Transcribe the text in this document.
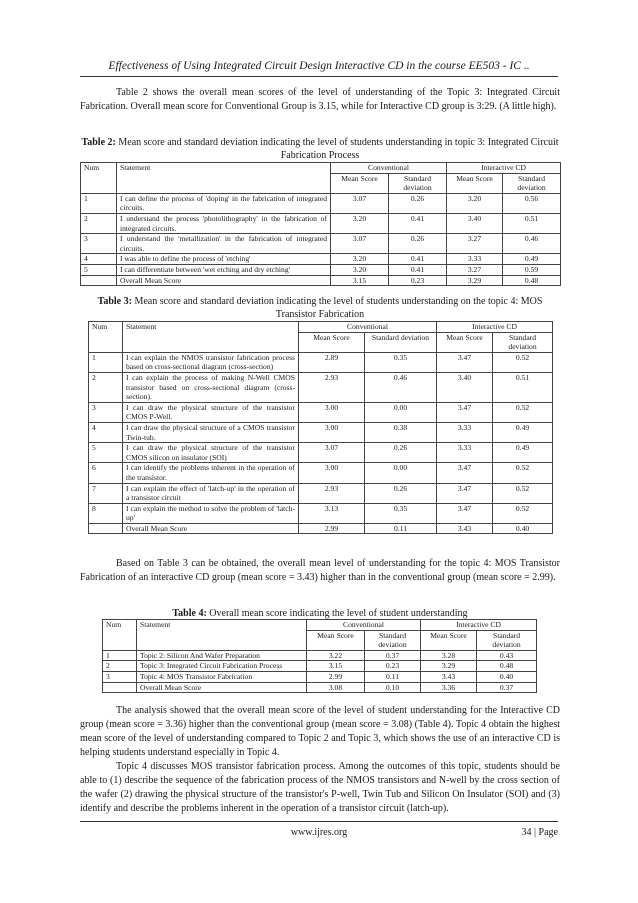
Effectiveness of Using Integrated Circuit Design Interactive CD in the course EE503 - IC ..

Table 2 shows the overall mean scores of the level of understanding of the Topic 3: Integrated Circuit Fabrication. Overall mean score for Conventional Group is 3.15, while for Interactive CD group is 3:29. (A little high).

Table 2: Mean score and standard deviation indicating the level of students understanding in topic 3: Integrated Circuit Fabrication Process

Num	Statement	Conventional		Interactive CD	
		Mean Score	Standard deviation	Mean Score	Standard deviation
1	I can define the process of 'doping' in the fabrication of integrated circuits.	3.07	0.26	3.20	0.56
2	I understand the process 'photolithography' in the fabrication of integrated circuits.	3.20	0.41	3.40	0.51
3	I understand the 'metallization' in the fabrication of integrated circuits.	3.07	0.26	3.27	0.46
4	I was able to define the process of 'etching'	3.20	0.41	3.33	0.49
5	I can differentiate between 'wet etching and dry etching'	3.20	0.41	3.27	0.59
	Overall Mean Score	3.15	0.23	3.29	0.48

Table 3: Mean score and standard deviation indicating the level of students understanding on the topic 4: MOS Transistor Fabrication

Num	Statement	Conventional		Interactive CD	
		Mean Score	Standard deviation	Mean Score	Standard deviation
1	I can explain the NMOS transistor fabrication process based on cross-sectional diagram (cross-section)	2.89	0.35	3.47	0.52
2	I can explain the process of making N-Well CMOS transistor based on cross-sectional diagram (cross-section).	2.93	0.46	3.40	0.51
3	I can draw the physical structure of the transistor CMOS P-Well.	3.00	0.00	3.47	0.52
4	I can draw the physical structure of a CMOS transistor Twin-tub.	3.00	0.38	3.33	0.49
5	I can draw the physical structure of the transistor CMOS silicon on insulator (SOI)	3.07	0.26	3.33	0.49
6	I can identify the problems inherent in the operation of the transistor.	3.00	0.00	3.47	0.52
7	I can explain the effect of 'latch-up' in the operation of a transistor circuit	2.93	0.26	3.47	0.52
8	I can explain the method to solve the problem of 'latch-up'	3.13	0.35	3.47	0.52
	Overall Mean Score	2.99	0.11	3.43	0.40

Based on Table 3 can be obtained, the overall mean level of understanding for the topic 4: MOS Transistor Fabrication of an interactive CD group (mean score = 3.43) higher than in the conventional group (mean score = 2.99).

Table 4: Overall mean score indicating the level of student understanding

Num	Statement	Conventional		Interactive CD	
		Mean Score	Standard deviation	Mean Score	Standard deviation
1	Topic 2: Silicon And Wafer Preparation	3.22	0.37	3.28	0.43
2	Topic 3: Integrated Circuit Fabrication Process	3.15	0.23	3.29	0.48
3	Topic 4: MOS Transistor Fabrication	2.99	0.11	3.43	0.40
	Overall Mean Score	3.08	0.10	3.36	0.37

The analysis showed that the overall mean score of the level of student understanding for the Interactive CD group (mean score = 3.36) higher than the conventional group (mean score = 3.08) (Table 4). Topic 4 obtain the highest mean score of the level of understanding compared to Topic 2 and Topic 3, which shows the use of an interactive CD is helping students understand especially in Topic 4.

Topic 4 discusses MOS transistor fabrication process. Among the outcomes of this topic, students should be able to (1) describe the sequence of the fabrication process of the NMOS transistors and N-well by the cross section of the wafer (2) drawing the physical structure of the transistor's P-well, Twin Tub and Silicon On Insulator (SOI) and (3) identify and describe the problems inherent in the operation of a transistor circuit (latch-up).

www.ijres.org	34 | Page
